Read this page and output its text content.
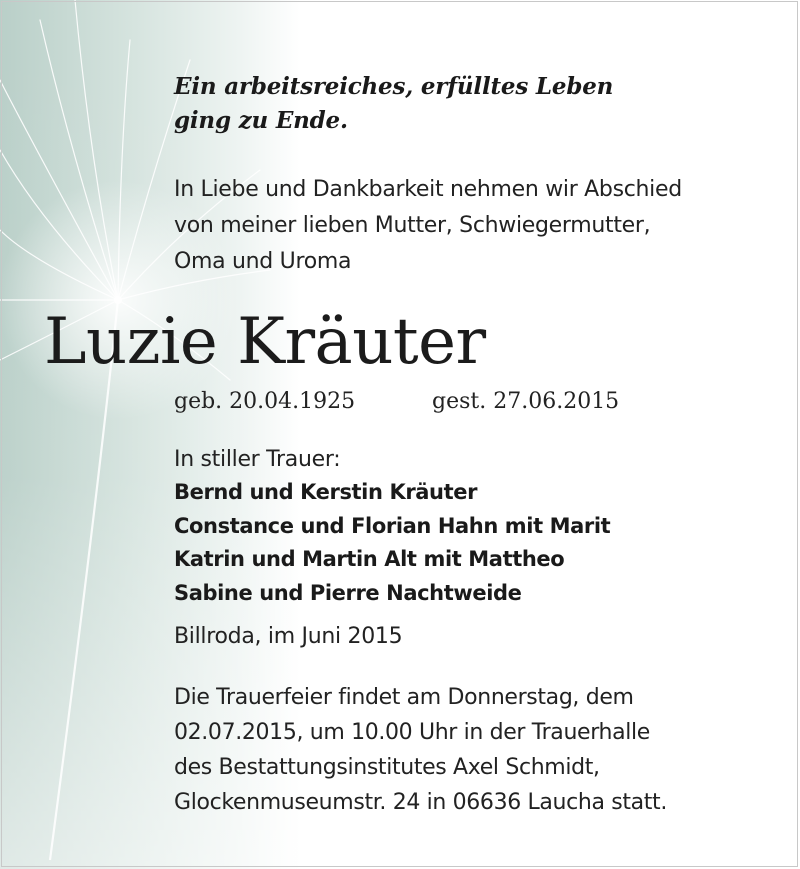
Ein arbeitsreiches, erfülltes Leben
ging zu Ende.
In Liebe und Dankbarkeit nehmen wir Abschied
von meiner lieben Mutter, Schwiegermutter,
Oma und Uroma
Luzie Kräuter
geb. 20.04.1925	gest. 27.06.2015
In stiller Trauer:
Bernd und Kerstin Kräuter
Constance und Florian Hahn mit Marit
Katrin und Martin Alt mit Mattheo
Sabine und Pierre Nachtweide
Billroda, im Juni 2015
Die Trauerfeier findet am Donnerstag, dem
02.07.2015, um 10.00 Uhr in der Trauerhalle
des Bestattungsinstitutes Axel Schmidt,
Glockenmuseumstr. 24 in 06636 Laucha statt.
